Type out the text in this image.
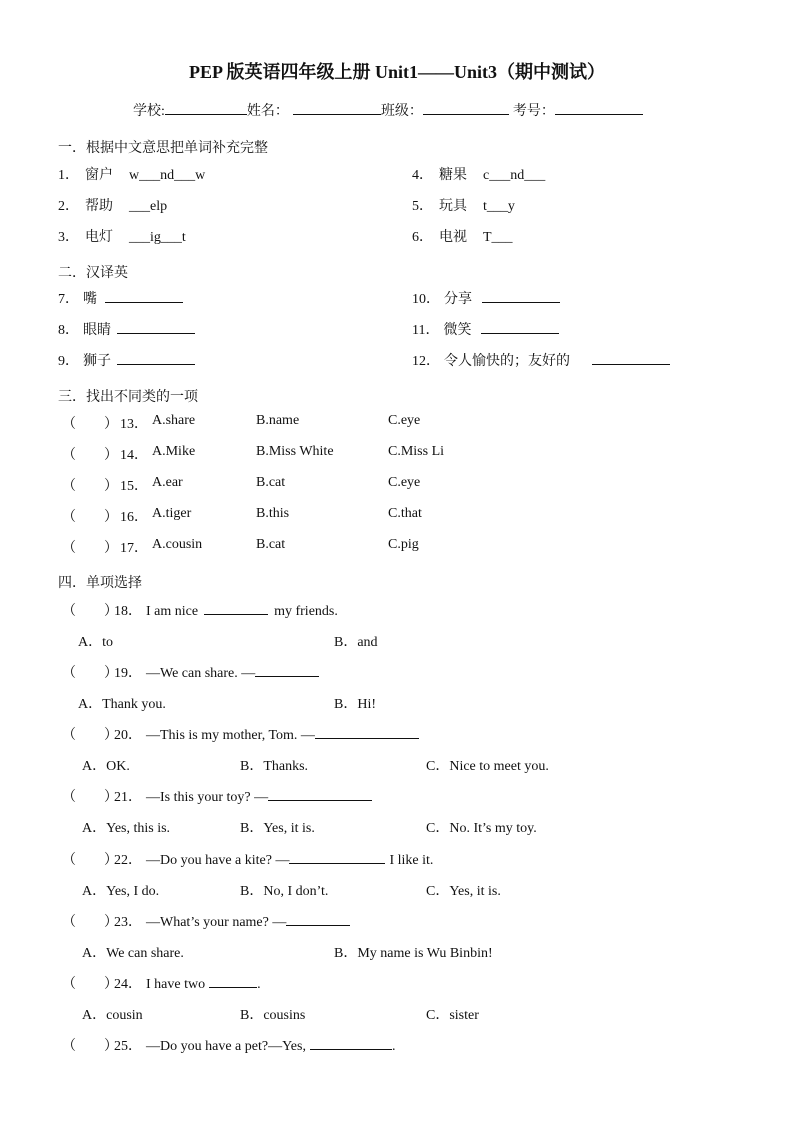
PEP 版英语四年级上册 Unit1——Unit3（期中测试）
学校:	姓名：	班级：	考号：
一．根据中文意思把单词补充完整
1． 窗户 w___nd___w
2． 帮助 ___elp
3． 电灯 ___ig___t
4． 糖果 c___nd___
5． 玩具 t___y
6． 电视 T___
二．汉译英
7． 嘴
8． 眼睛
9． 狮子
10． 分享
11． 微笑
12． 令人愉快的；友好的
三．找出不同类的一项
（　　） 13． A.share	B.name	C.eye
（　　） 14． A.Mike	B.Miss White	C.Miss Li
（　　） 15． A.ear	B.cat	C.eye
（　　） 16． A.tiger	B.this	C.that
（　　） 17． A.cousin	B.cat	C.pig
四．单项选择
（　　）18． I am nice	my friends.
A．to	B．and
（　　）19． —We can share. —
A．Thank you.	B．Hi!
（　　）20． —This is my mother, Tom. —
A．OK.	B．Thanks.	C．Nice to meet you.
（　　）21． —Is this your toy? —
A．Yes, this is.	B．Yes, it is.	C．No. It’s my toy.
（　　）22． —Do you have a kite? —	I like it.
A．Yes, I do.	B．No, I don’t.	C．Yes, it is.
（　　）23． —What’s your name? —
A．We can share.	B．My name is Wu Binbin!
（　　）24． I have two	.
A．cousin	B．cousins	C．sister
（　　）25． —Do you have a pet?—Yes,	.
